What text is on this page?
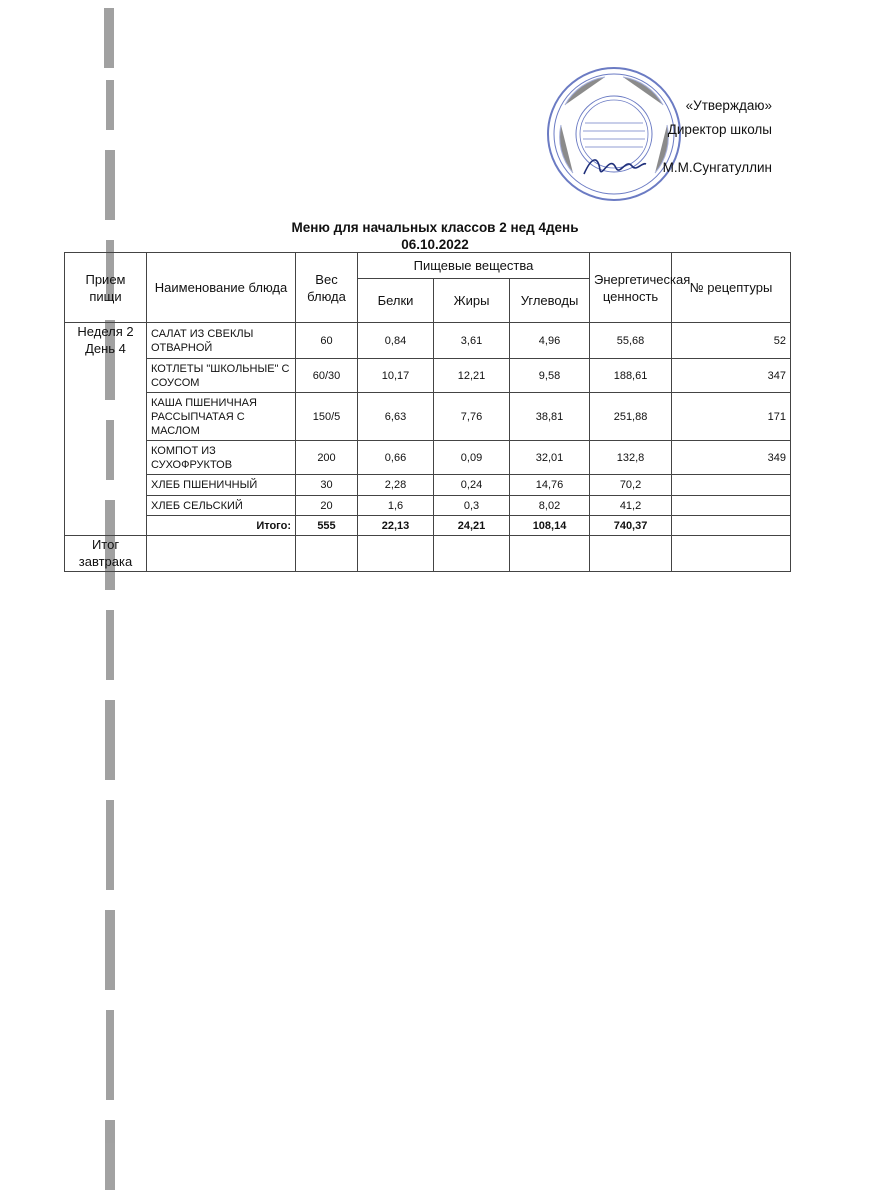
«Утверждаю»
Директор школы
М.М.Сунгатуллин
Меню для начальных классов 2 нед 4день
06.10.2022
Прием пищи	Наименование блюда	Вес блюда	Пищевые вещества			Энергетическая ценность	№ рецептуры
			Белки	Жиры	Углеводы		
Неделя 2 День 4	САЛАТ ИЗ СВЕКЛЫ ОТВАРНОЙ	60	0,84	3,61	4,96	55,68	52
	КОТЛЕТЫ "ШКОЛЬНЫЕ" С СОУСОМ	60/30	10,17	12,21	9,58	188,61	347
	КАША ПШЕНИЧНАЯ РАССЫПЧАТАЯ С МАСЛОМ	150/5	6,63	7,76	38,81	251,88	171
	КОМПОТ ИЗ СУХОФРУКТОВ	200	0,66	0,09	32,01	132,8	349
	ХЛЕБ ПШЕНИЧНЫЙ	30	2,28	0,24	14,76	70,2	
	ХЛЕБ СЕЛЬСКИЙ	20	1,6	0,3	8,02	41,2	
	Итого:	555	22,13	24,21	108,14	740,37	
Итог завтрака							
